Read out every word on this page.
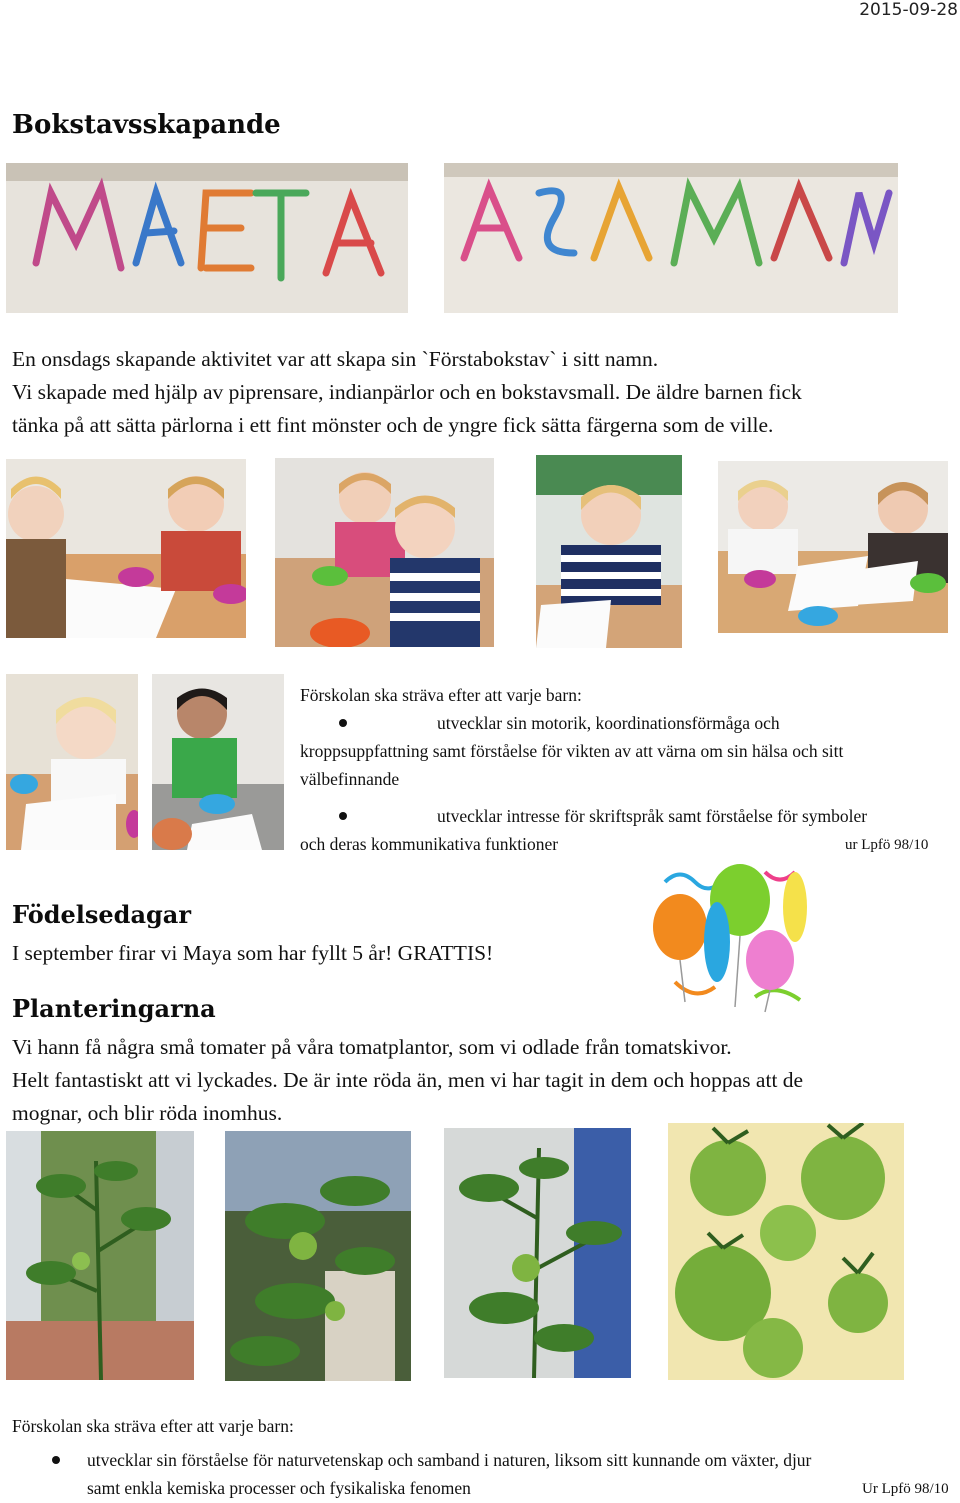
2015-09-28
Bokstavsskapande
En onsdags skapande aktivitet var att skapa sin `Förstabokstav` i sitt namn.
Vi skapade med hjälp av piprensare, indianpärlor och en bokstavsmall. De äldre barnen fick
tänka på att sätta pärlorna i ett fint mönster och de yngre fick sätta färgerna som de ville.
Förskolan ska sträva efter att varje barn:
utvecklar sin motorik, koordinationsförmåga och
kroppsuppfattning samt förståelse för vikten av att värna om sin hälsa och sitt
välbefinnande
utvecklar intresse för skriftspråk samt förståelse för symboler
och deras kommunikativa funktioner	ur Lpfö 98/10
Födelsedagar
I september firar vi Maya som har fyllt 5 år! GRATTIS!
Planteringarna
Vi hann få några små tomater på våra tomatplantor, som vi odlade från tomatskivor.
Helt fantastiskt att vi lyckades. De är inte röda än, men vi har tagit in dem och hoppas att de
mognar, och blir röda inomhus.
Förskolan ska sträva efter att varje barn:
utvecklar sin förståelse för naturvetenskap och samband i naturen, liksom sitt kunnande om växter, djur
samt enkla kemiska processer och fysikaliska fenomen	Ur Lpfö 98/10
